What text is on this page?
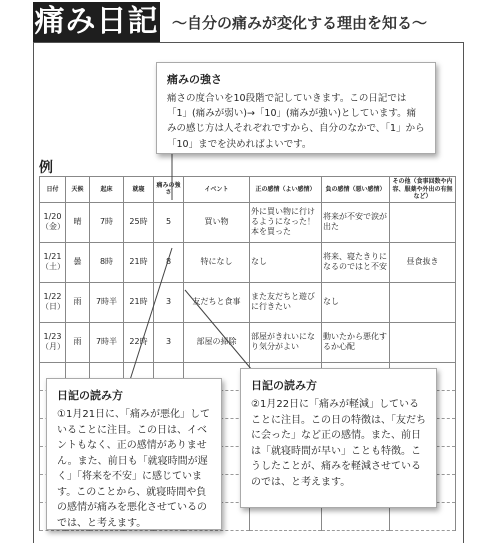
痛み日記 ～自分の痛みが変化する理由を知る～
例
日付	天候	起床	就寝	痛みの強さ	イベント	正の感情（よい感情）	負の感情（悪い感情）	その他（食事回数や内容、服薬や外出の有無など）
1/20（金）	晴	7時	25時	5	買い物	外に買い物に行けるようになった！本を買った	将来が不安で涙が出た	
1/21（土）	曇	8時	21時	8	特になし	なし	将来、寝たきりになるのではと不安	昼食抜き
1/22（日）	雨	7時半	21時	3	友だちと食事	また友だちと遊びに行きたい	なし	
1/23（月）	雨	7時半	22時	3	部屋の掃除	部屋がきれいになり気分がよい	動いたから悪化するか心配	

痛みの強さ

痛さの度合いを10段階で記していきます。この日記では「1」(痛みが弱い)→「10」(痛みが強い)としています。痛みの感じ方は人それぞれですから、自分のなかで、「1」から「10」までを決めればよいです。

日記の読み方

①1月21日に、「痛みが悪化」していることに注目。この日は、イベントもなく、正の感情がありません。また、前日も「就寝時間が遅く」「将来を不安」に感じています。このことから、就寝時間や負の感情が痛みを悪化させているのでは、と考えます。

日記の読み方

②1月22日に「痛みが軽減」していることに注目。この日の特徴は、「友だちに会った」など正の感情。また、前日は「就寝時間が早い」ことも特徴。こうしたことが、痛みを軽減させているのでは、と考えます。
